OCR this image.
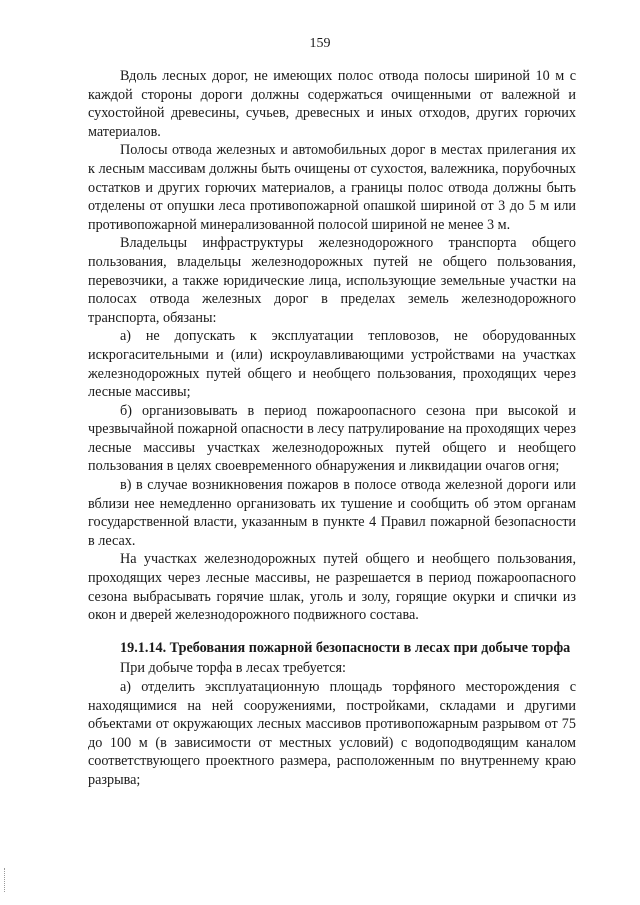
159

Вдоль лесных дорог, не имеющих полос отвода полосы шириной 10 м с каждой стороны дороги должны содержаться очищенными от валежной и сухостойной древесины, сучьев, древесных и иных отходов, других горючих материалов.

Полосы отвода железных и автомобильных дорог в местах прилегания их к лесным массивам должны быть очищены от сухостоя, валежника, порубочных остатков и других горючих материалов, а границы полос отвода должны быть отделены от опушки леса противопожарной опашкой шириной от 3 до 5 м или противопожарной минерализованной полосой шириной не менее 3 м.

Владельцы инфраструктуры железнодорожного транспорта общего пользования, владельцы железнодорожных путей не общего пользования, перевозчики, а также юридические лица, использующие земельные участки на полосах отвода железных дорог в пределах земель железнодорожного транспорта, обязаны:

а) не допускать к эксплуатации тепловозов, не оборудованных искрогасительными и (или) искроулавливающими устройствами на участках железнодорожных путей общего и необщего пользования, проходящих через лесные массивы;

б) организовывать в период пожароопасного сезона при высокой и чрезвычайной пожарной опасности в лесу патрулирование на проходящих через лесные массивы участках железнодорожных путей общего и необщего пользования в целях своевременного обнаружения и ликвидации очагов огня;

в) в случае возникновения пожаров в полосе отвода железной дороги или вблизи нее немедленно организовать их тушение и сообщить об этом органам государственной власти, указанным в пункте 4 Правил пожарной безопасности в лесах.

На участках железнодорожных путей общего и необщего пользования, проходящих через лесные массивы, не разрешается в период пожароопасного сезона выбрасывать горячие шлак, уголь и золу, горящие окурки и спички из окон и дверей железнодорожного подвижного состава.

19.1.14. Требования пожарной безопасности в лесах при добыче торфа

При добыче торфа в лесах требуется:

а) отделить эксплуатационную площадь торфяного месторождения с находящимися на ней сооружениями, постройками, складами и другими объектами от окружающих лесных массивов противопожарным разрывом от 75 до 100 м (в зависимости от местных условий) с водоподводящим каналом соответствующего проектного размера, расположенным по внутреннему краю разрыва;
